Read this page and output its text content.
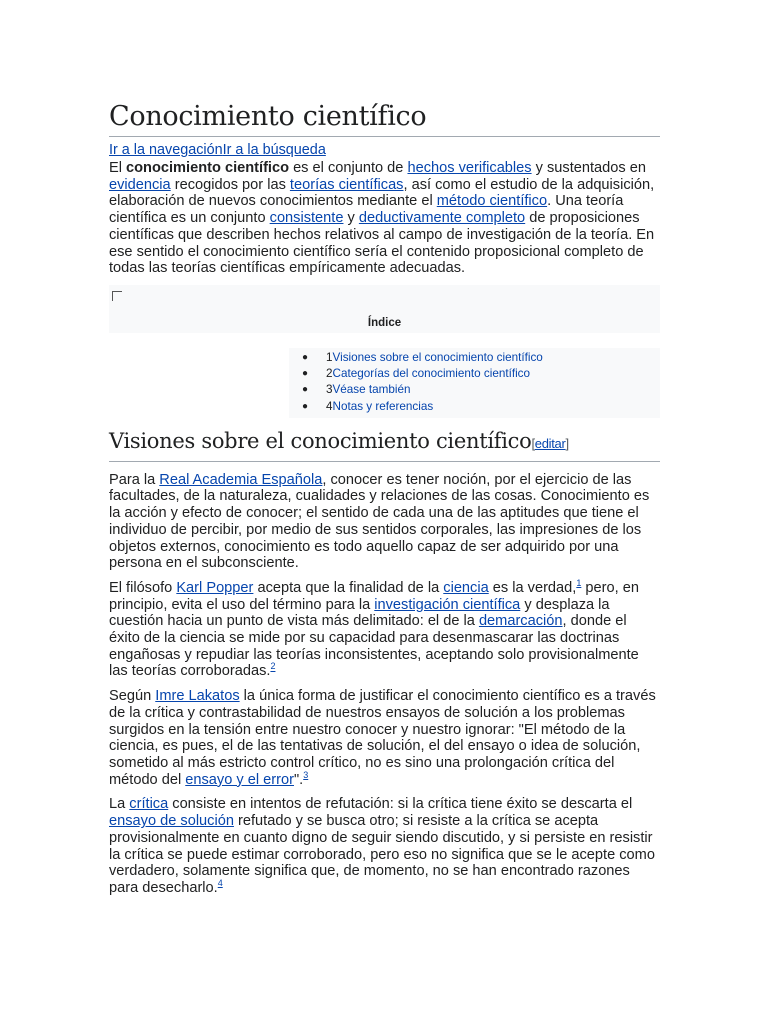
Conocimiento científico
Ir a la navegaciónIr a la búsqueda

El conocimiento científico es el conjunto de hechos verificables y sustentados en evidencia recogidos por las teorías científicas, así como el estudio de la adquisición, elaboración de nuevos conocimientos mediante el método científico. Una teoría científica es un conjunto consistente y deductivamente completo de proposiciones científicas que describen hechos relativos al campo de investigación de la teoría. En ese sentido el conocimiento científico sería el contenido proposicional completo de todas las teorías científicas empíricamente adecuadas.

Índice
● 1Visiones sobre el conocimiento científico
● 2Categorías del conocimiento científico
● 3Véase también
● 4Notas y referencias
Visiones sobre el conocimiento científico[editar]

Para la Real Academia Española, conocer es tener noción, por el ejercicio de las facultades, de la naturaleza, cualidades y relaciones de las cosas. Conocimiento es la acción y efecto de conocer; el sentido de cada una de las aptitudes que tiene el individuo de percibir, por medio de sus sentidos corporales, las impresiones de los objetos externos, conocimiento es todo aquello capaz de ser adquirido por una persona en el subconsciente.

El filósofo Karl Popper acepta que la finalidad de la ciencia es la verdad,$^1$ pero, en principio, evita el uso del término para la investigación científica y desplaza la cuestión hacia un punto de vista más delimitado: el de la demarcación, donde el éxito de la ciencia se mide por su capacidad para desenmascarar las doctrinas engañosas y repudiar las teorías inconsistentes, aceptando solo provisionalmente las teorías corroboradas.$^2$

Según Imre Lakatos la única forma de justificar el conocimiento científico es a través de la crítica y contrastabilidad de nuestros ensayos de solución a los problemas surgidos en la tensión entre nuestro conocer y nuestro ignorar: "El método de la ciencia, es pues, el de las tentativas de solución, el del ensayo o idea de solución, sometido al más estricto control crítico, no es sino una prolongación crítica del método del ensayo y el error".$^3$

La crítica consiste en intentos de refutación: si la crítica tiene éxito se descarta el ensayo de solución refutado y se busca otro; si resiste a la crítica se acepta provisionalmente en cuanto digno de seguir siendo discutido, y si persiste en resistir la crítica se puede estimar corroborado, pero eso no significa que se le acepte como verdadero, solamente significa que, de momento, no se han encontrado razones para desecharlo.$^4$
